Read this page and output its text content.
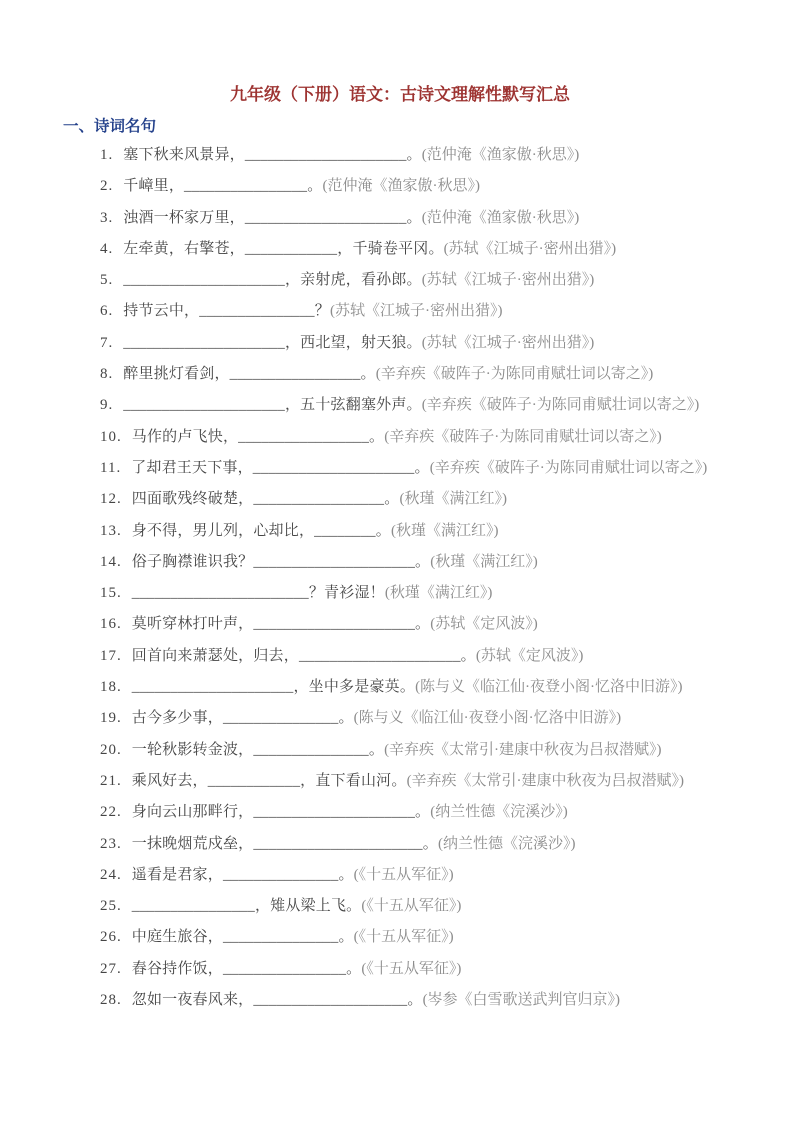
九年级（下册）语文：古诗文理解性默写汇总
一、诗词名句

1. 塞下秋来风景异，_____________________。(范仲淹《渔家傲·秋思》)

2. 千嶂里，________________。(范仲淹《渔家傲·秋思》)

3. 浊酒一杯家万里，_____________________。(范仲淹《渔家傲·秋思》)

4. 左牵黄，右擎苍，____________，千骑卷平冈。(苏轼《江城子·密州出猎》)

5. _____________________，亲射虎，看孙郎。(苏轼《江城子·密州出猎》)

6. 持节云中，_______________？(苏轼《江城子·密州出猎》)

7. _____________________，西北望，射天狼。(苏轼《江城子·密州出猎》)

8. 醉里挑灯看剑，_________________。(辛弃疾《破阵子·为陈同甫赋壮词以寄之》)

9. _____________________，五十弦翻塞外声。(辛弃疾《破阵子·为陈同甫赋壮词以寄之》)

10. 马作的卢飞快，_________________。(辛弃疾《破阵子·为陈同甫赋壮词以寄之》)

11. 了却君王天下事，_____________________。(辛弃疾《破阵子·为陈同甫赋壮词以寄之》)

12. 四面歌残终破楚，_________________。(秋瑾《满江红》)

13. 身不得，男儿列，心却比，________。(秋瑾《满江红》)

14. 俗子胸襟谁识我？_____________________。(秋瑾《满江红》)

15. _______________________？青衫湿！(秋瑾《满江红》)

16. 莫听穿林打叶声，_____________________。(苏轼《定风波》)

17. 回首向来萧瑟处，归去，_____________________。(苏轼《定风波》)

18. _____________________，坐中多是豪英。(陈与义《临江仙·夜登小阁·忆洛中旧游》)

19. 古今多少事，_______________。(陈与义《临江仙·夜登小阁·忆洛中旧游》)

20. 一轮秋影转金波，_______________。(辛弃疾《太常引·建康中秋夜为吕叔潜赋》)

21. 乘风好去，____________，直下看山河。(辛弃疾《太常引·建康中秋夜为吕叔潜赋》)

22. 身向云山那畔行，_____________________。(纳兰性德《浣溪沙》)

23. 一抹晚烟荒戍垒，______________________。(纳兰性德《浣溪沙》)

24. 遥看是君家，_______________。(《十五从军征》)

25. ________________，雉从梁上飞。(《十五从军征》)

26. 中庭生旅谷，_______________。(《十五从军征》)

27. 舂谷持作饭，________________。(《十五从军征》)

28. 忽如一夜春风来，____________________。(岑参《白雪歌送武判官归京》)
